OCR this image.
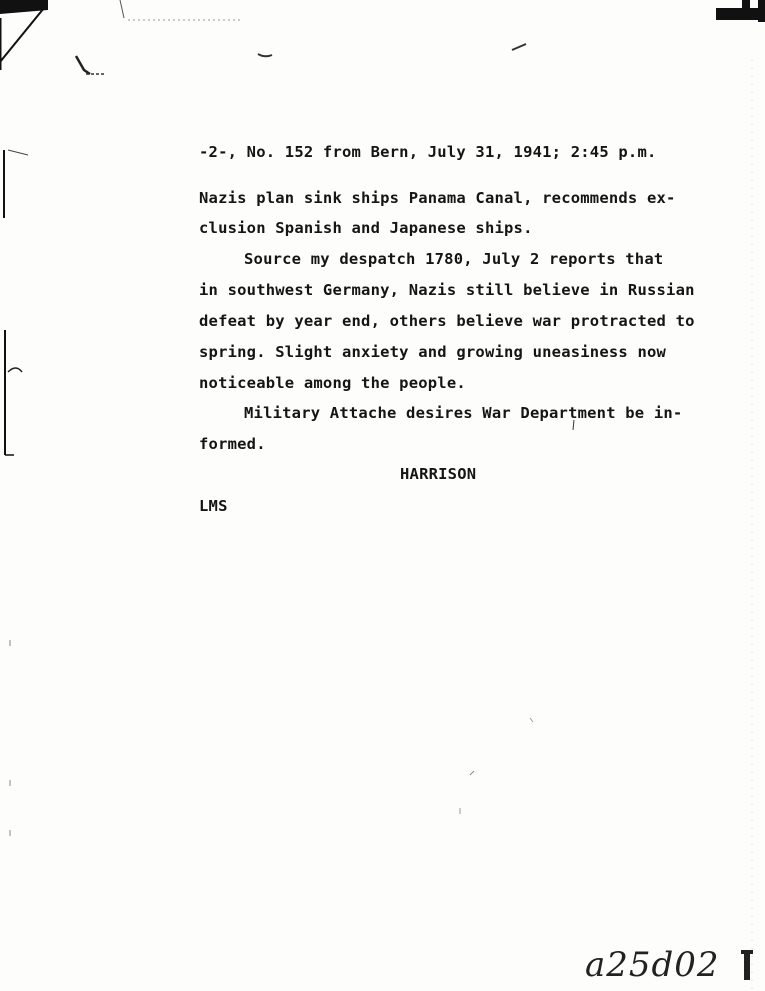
-2-, No. 152 from Bern, July 31, 1941; 2:45 p.m.
Nazis plan sink ships Panama Canal, recommends ex-
clusion Spanish and Japanese ships.
Source my despatch 1780, July 2 reports that
in southwest Germany, Nazis still believe in Russian
defeat by year end, others believe war protracted to
spring. Slight anxiety and growing uneasiness now
noticeable among the people.
Military Attache desires War Department be in-
formed.
HARRISON
LMS
a25d02
